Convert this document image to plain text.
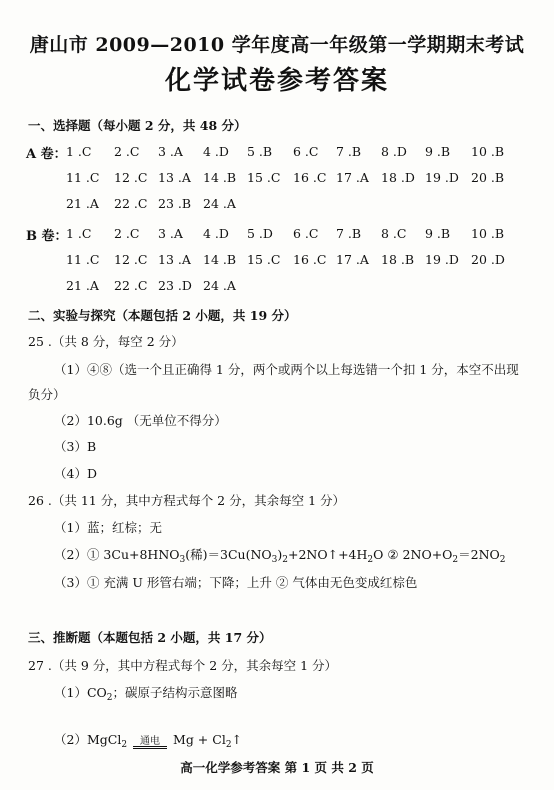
唐山市 2009—2010 学年度高一年级第一学期期末考试
化学试卷参考答案
一、选择题（每小题 2 分，共 48 分）
A 卷： 1 .C 2 .C 3 .A 4 .D 5 .B 6 .C 7 .B 8 .D 9 .B 10 .B
11 .C 12 .C 13 .A 14 .B 15 .C 16 .C 17 .A 18 .D 19 .D 20 .B
21 .A 22 .C 23 .B 24 .A
B 卷：
1 .C 2 .C 3 .A 4 .D 5 .D 6 .C 7 .B 8 .C 9 .B 10 .B
11 .C 12 .C 13 .A 14 .B 15 .C 16 .C 17 .A 18 .B 19 .D 20 .D
21 .A 22 .C 23 .D 24 .A
二、实验与探究（本题包括 2 小题，共 19 分）
25 .（共 8 分，每空 2 分）
（1）④⑧（选一个且正确得 1 分，两个或两个以上每选错一个扣 1 分，本空不出现
负分）
（2）10.6g （无单位不得分）
（3）B
（4）D
26 .（共 11 分，其中方程式每个 2 分，其余每空 1 分）
（1）蓝；红棕；无
（2）① $3Cu+8HNO_3$(稀)$=3Cu(NO_3)_2+2NO↑+4H_2O$ ② $2NO+O_2=2NO_2$
（3）① 充满 U 形管右端；下降；上升 ② 气体由无色变成红棕色
三、推断题（本题包括 2 小题，共 17 分）
27 .（共 9 分，其中方程式每个 2 分，其余每空 1 分）
$(1)CO_2$；碳原子结构示意图略
（2）MgCl$_2$	通电	$Mg + Cl_2↑$
高一化学参考答案 第 1 页 共 2 页
